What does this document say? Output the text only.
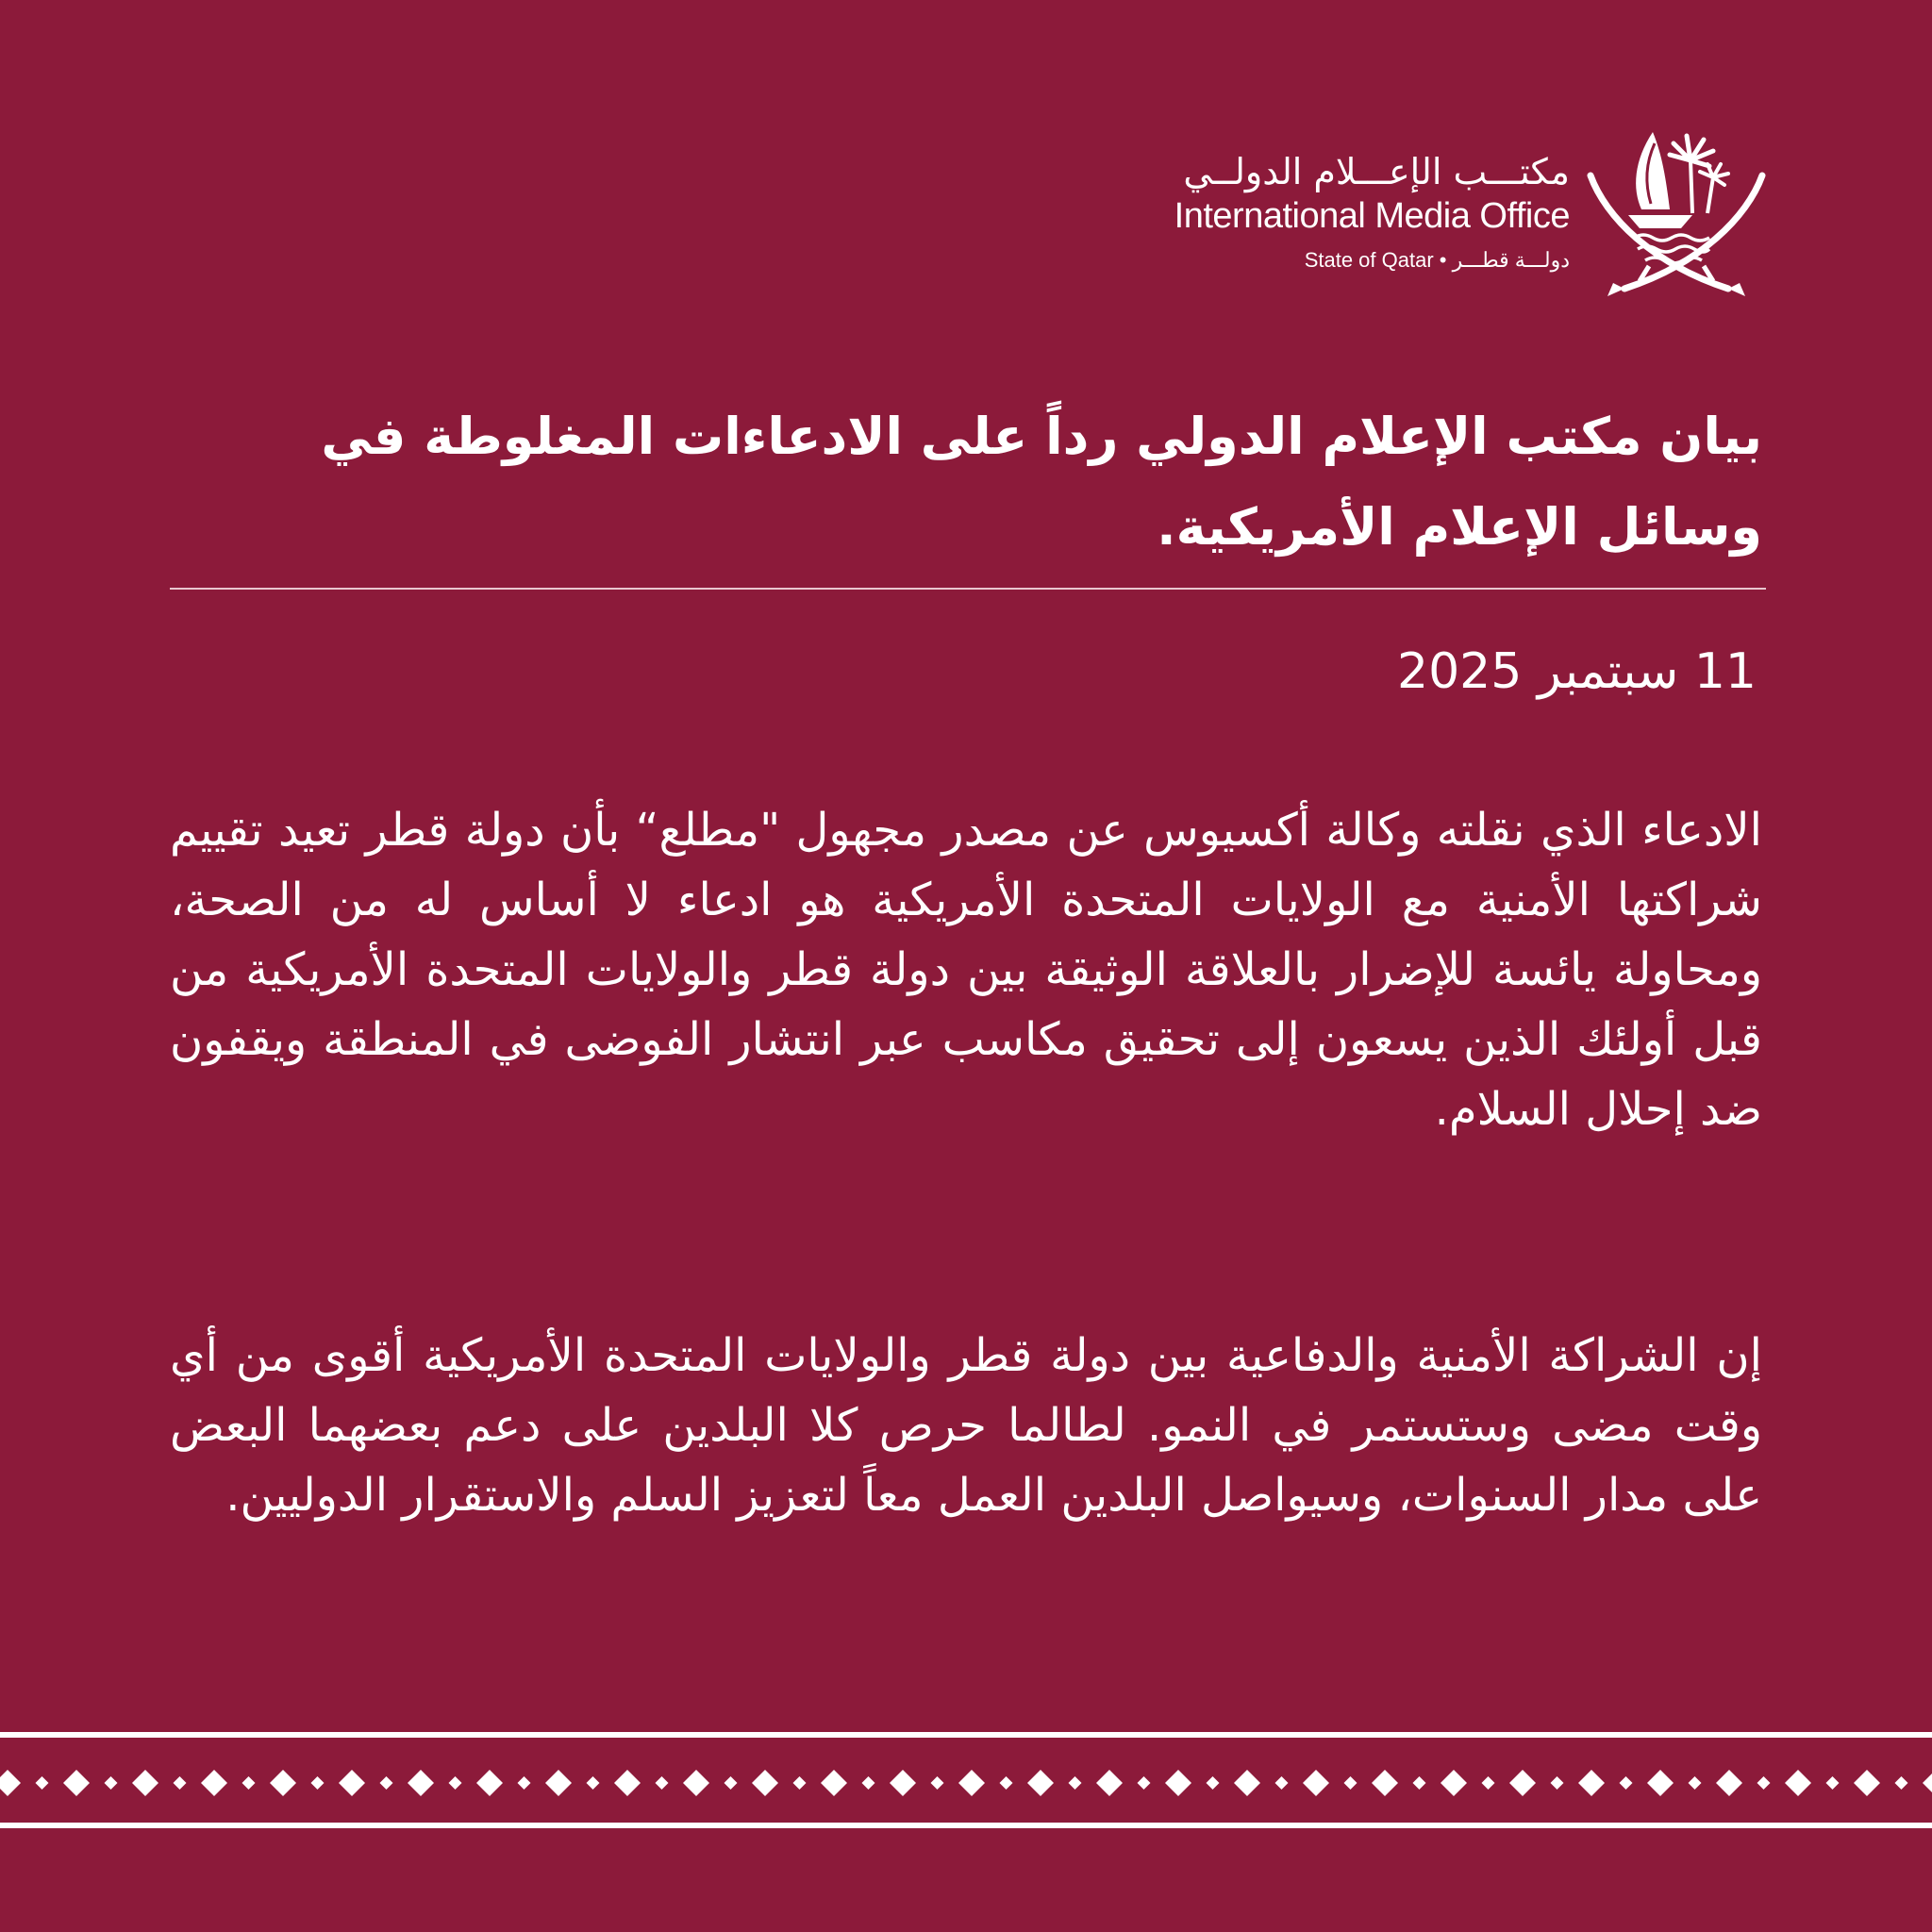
مكتـــب الإعـــلام الدولــي
International Media Office
State of Qatar • دولـــة قطـــر
بيان مكتب الإعلام الدولي رداً على الادعاءات المغلوطة في وسائل الإعلام الأمريكية.
11 سبتمبر 2025

الادعاء الذي نقلته وكالة أكسيوس عن مصدر مجهول "مطلع“ بأن دولة قطر تعيد تقييم شراكتها الأمنية مع الولايات المتحدة الأمريكية هو ادعاء لا أساس له من الصحة، ومحاولة يائسة للإضرار بالعلاقة الوثيقة بين دولة قطر والولايات المتحدة الأمريكية من قبل أولئك الذين يسعون إلى تحقيق مكاسب عبر انتشار الفوضى في المنطقة ويقفون ضد إحلال السلام.

إن الشراكة الأمنية والدفاعية بين دولة قطر والولايات المتحدة الأمريكية أقوى من أي وقت مضى وستستمر في النمو. لطالما حرص كلا البلدين على دعم بعضهما البعض على مدار السنوات، وسيواصل البلدين العمل معاً لتعزيز السلم والاستقرار الدوليين.
